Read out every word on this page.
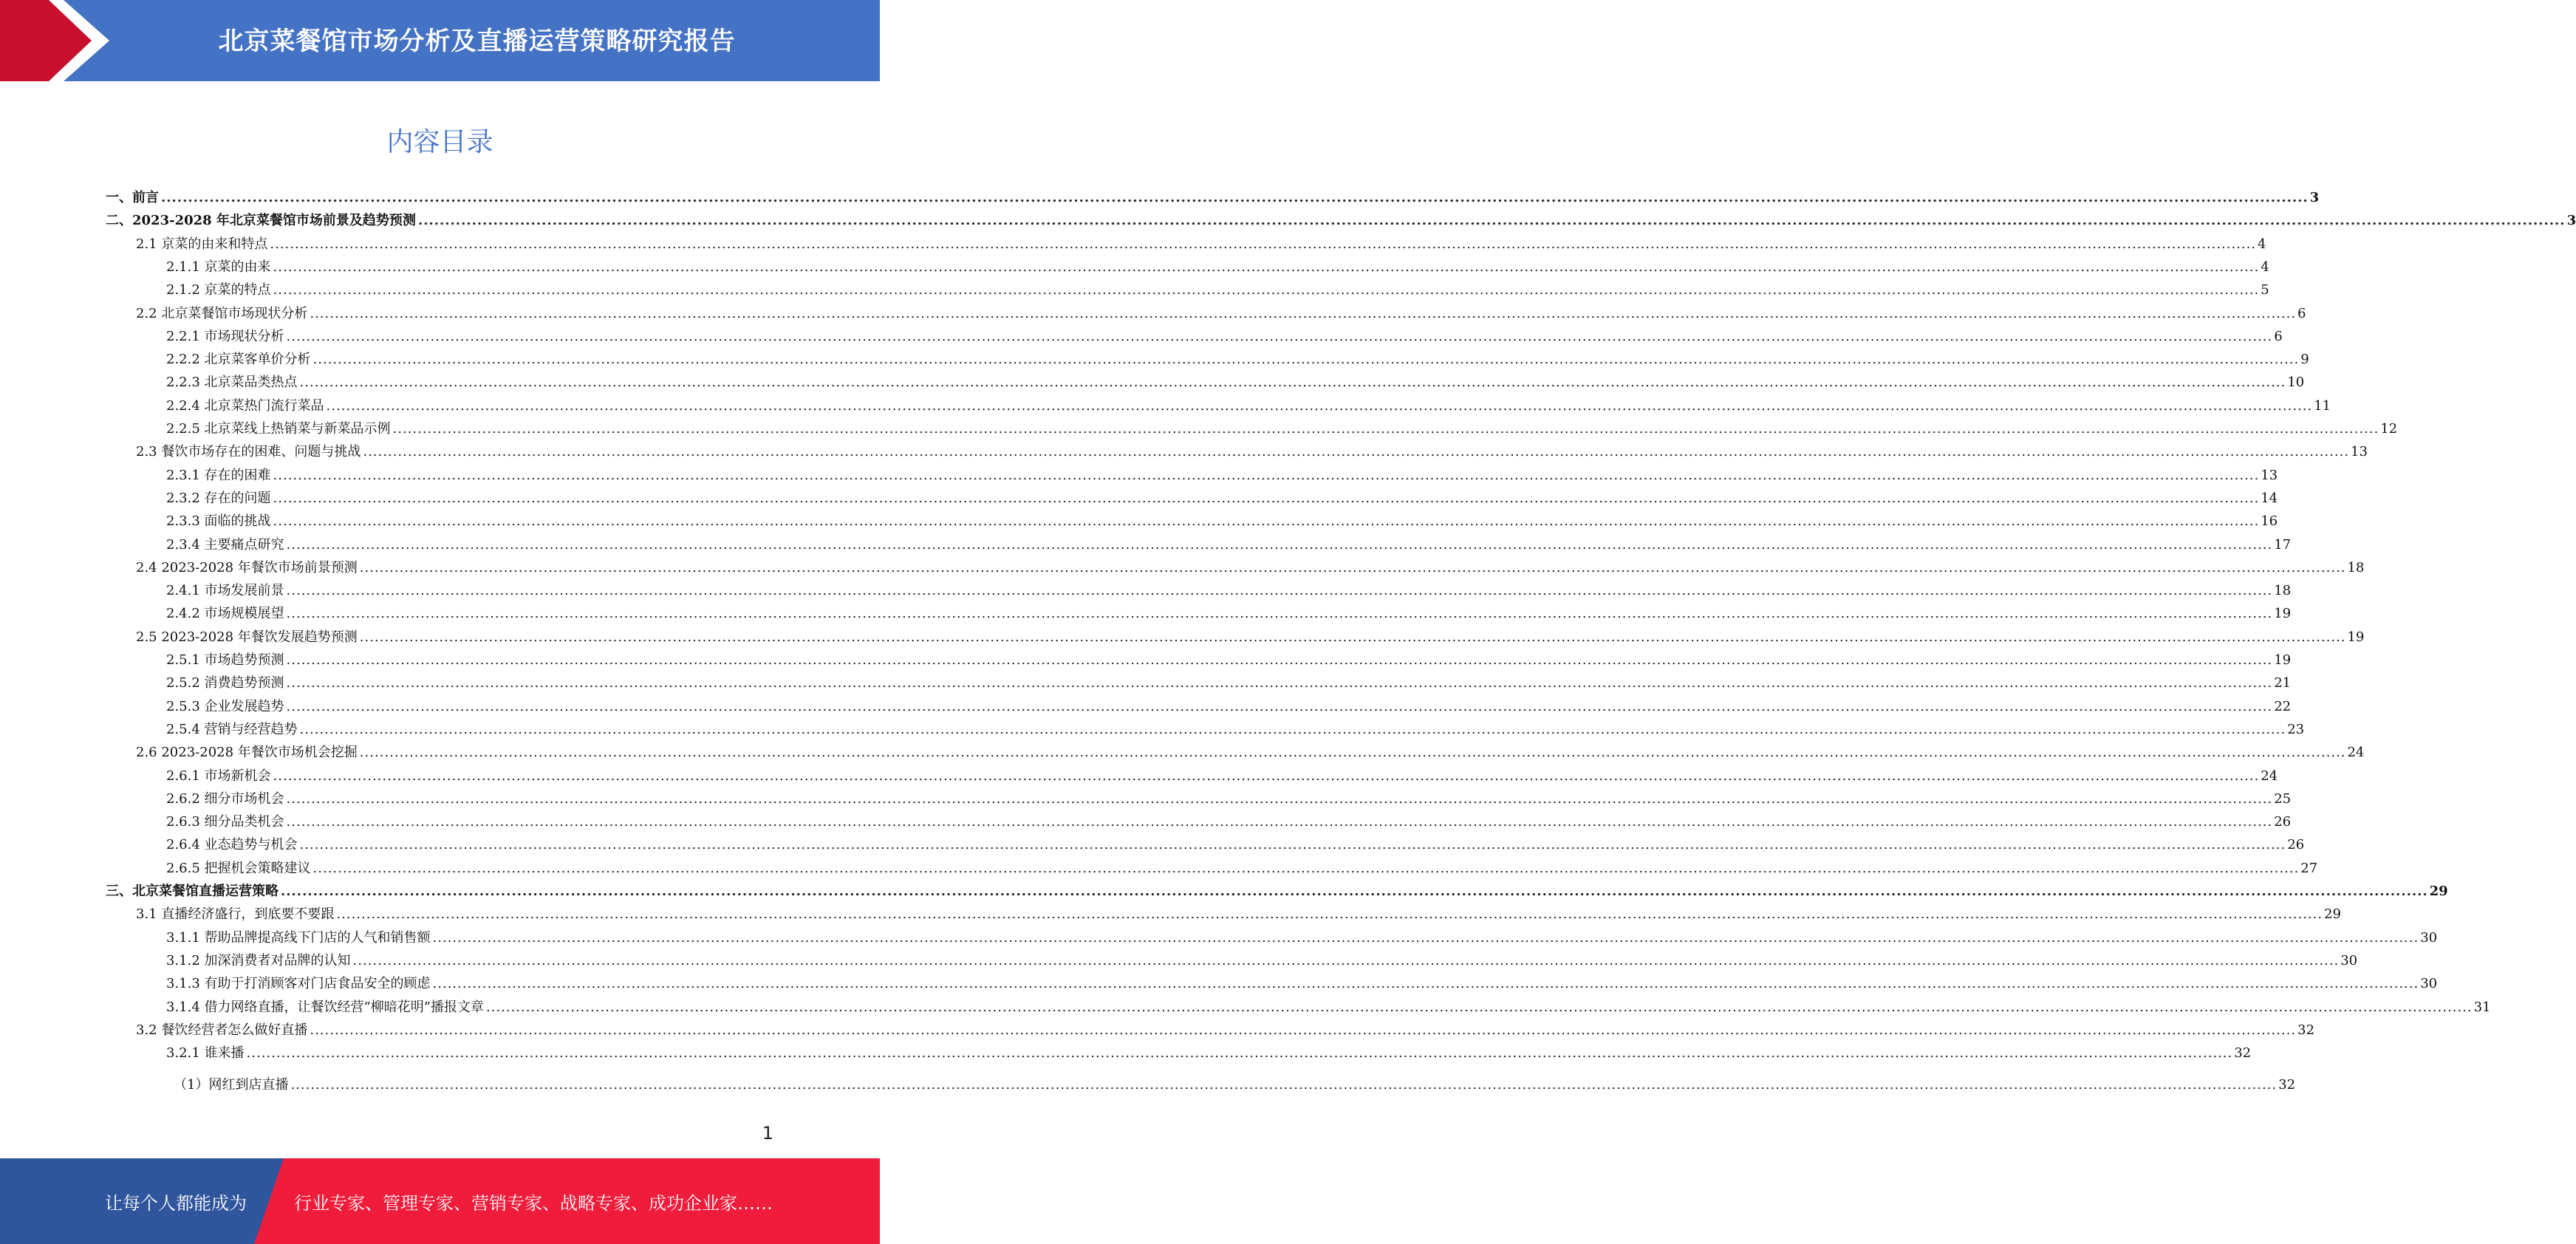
北京菜餐馆市场分析及直播运营策略研究报告
内容目录
一、前言 ................................................................................................................................................................................................................................................................................................................................................................................................................ 3
二、2023-2028 年北京菜餐馆市场前景及趋势预测 ................................................................................................................................................................................................................................................................................................................................................................................................................ 3
2.1 京菜的由来和特点 ................................................................................................................................................................................................................................................................................................................................................................................................................ 4
2.1.1 京菜的由来 ................................................................................................................................................................................................................................................................................................................................................................................................................ 4
2.1.2 京菜的特点 ................................................................................................................................................................................................................................................................................................................................................................................................................ 5
2.2 北京菜餐馆市场现状分析 ................................................................................................................................................................................................................................................................................................................................................................................................................ 6
2.2.1 市场现状分析 ................................................................................................................................................................................................................................................................................................................................................................................................................ 6
2.2.2 北京菜客单价分析 ................................................................................................................................................................................................................................................................................................................................................................................................................ 9
2.2.3 北京菜品类热点 ................................................................................................................................................................................................................................................................................................................................................................................................................ 10
2.2.4 北京菜热门流行菜品 ................................................................................................................................................................................................................................................................................................................................................................................................................ 11
2.2.5 北京菜线上热销菜与新菜品示例 ................................................................................................................................................................................................................................................................................................................................................................................................................ 12
2.3 餐饮市场存在的困难、问题与挑战 ................................................................................................................................................................................................................................................................................................................................................................................................................ 13
2.3.1 存在的困难 ................................................................................................................................................................................................................................................................................................................................................................................................................ 13
2.3.2 存在的问题 ................................................................................................................................................................................................................................................................................................................................................................................................................ 14
2.3.3 面临的挑战 ................................................................................................................................................................................................................................................................................................................................................................................................................ 16
2.3.4 主要痛点研究 ................................................................................................................................................................................................................................................................................................................................................................................................................ 17
2.4 2023-2028 年餐饮市场前景预测 ................................................................................................................................................................................................................................................................................................................................................................................................................ 18
2.4.1 市场发展前景 ................................................................................................................................................................................................................................................................................................................................................................................................................ 18
2.4.2 市场规模展望 ................................................................................................................................................................................................................................................................................................................................................................................................................ 19
2.5 2023-2028 年餐饮发展趋势预测 ................................................................................................................................................................................................................................................................................................................................................................................................................ 19
2.5.1 市场趋势预测 ................................................................................................................................................................................................................................................................................................................................................................................................................ 19
2.5.2 消费趋势预测 ................................................................................................................................................................................................................................................................................................................................................................................................................ 21
2.5.3 企业发展趋势 ................................................................................................................................................................................................................................................................................................................................................................................................................ 22
2.5.4 营销与经营趋势 ................................................................................................................................................................................................................................................................................................................................................................................................................ 23
2.6 2023-2028 年餐饮市场机会挖掘 ................................................................................................................................................................................................................................................................................................................................................................................................................ 24
2.6.1 市场新机会 ................................................................................................................................................................................................................................................................................................................................................................................................................ 24
2.6.2 细分市场机会 ................................................................................................................................................................................................................................................................................................................................................................................................................ 25
2.6.3 细分品类机会 ................................................................................................................................................................................................................................................................................................................................................................................................................ 26
2.6.4 业态趋势与机会 ................................................................................................................................................................................................................................................................................................................................................................................................................ 26
2.6.5 把握机会策略建议 ................................................................................................................................................................................................................................................................................................................................................................................................................ 27
三、北京菜餐馆直播运营策略 ................................................................................................................................................................................................................................................................................................................................................................................................................ 29
3.1 直播经济盛行，到底要不要跟 ................................................................................................................................................................................................................................................................................................................................................................................................................ 29
3.1.1 帮助品牌提高线下门店的人气和销售额 ................................................................................................................................................................................................................................................................................................................................................................................................................ 30
3.1.2 加深消费者对品牌的认知 ................................................................................................................................................................................................................................................................................................................................................................................................................ 30
3.1.3 有助于打消顾客对门店食品安全的顾虑 ................................................................................................................................................................................................................................................................................................................................................................................................................ 30
3.1.4 借力网络直播，让餐饮经营“柳暗花明”播报文章 ................................................................................................................................................................................................................................................................................................................................................................................................................ 31
3.2 餐饮经营者怎么做好直播 ................................................................................................................................................................................................................................................................................................................................................................................................................ 32
3.2.1 谁来播 ................................................................................................................................................................................................................................................................................................................................................................................................................ 32
（1）网红到店直播 ................................................................................................................................................................................................................................................................................................................................................................................................................ 32
1
让每个人都能成为	行业专家、管理专家、营销专家、战略专家、成功企业家……
